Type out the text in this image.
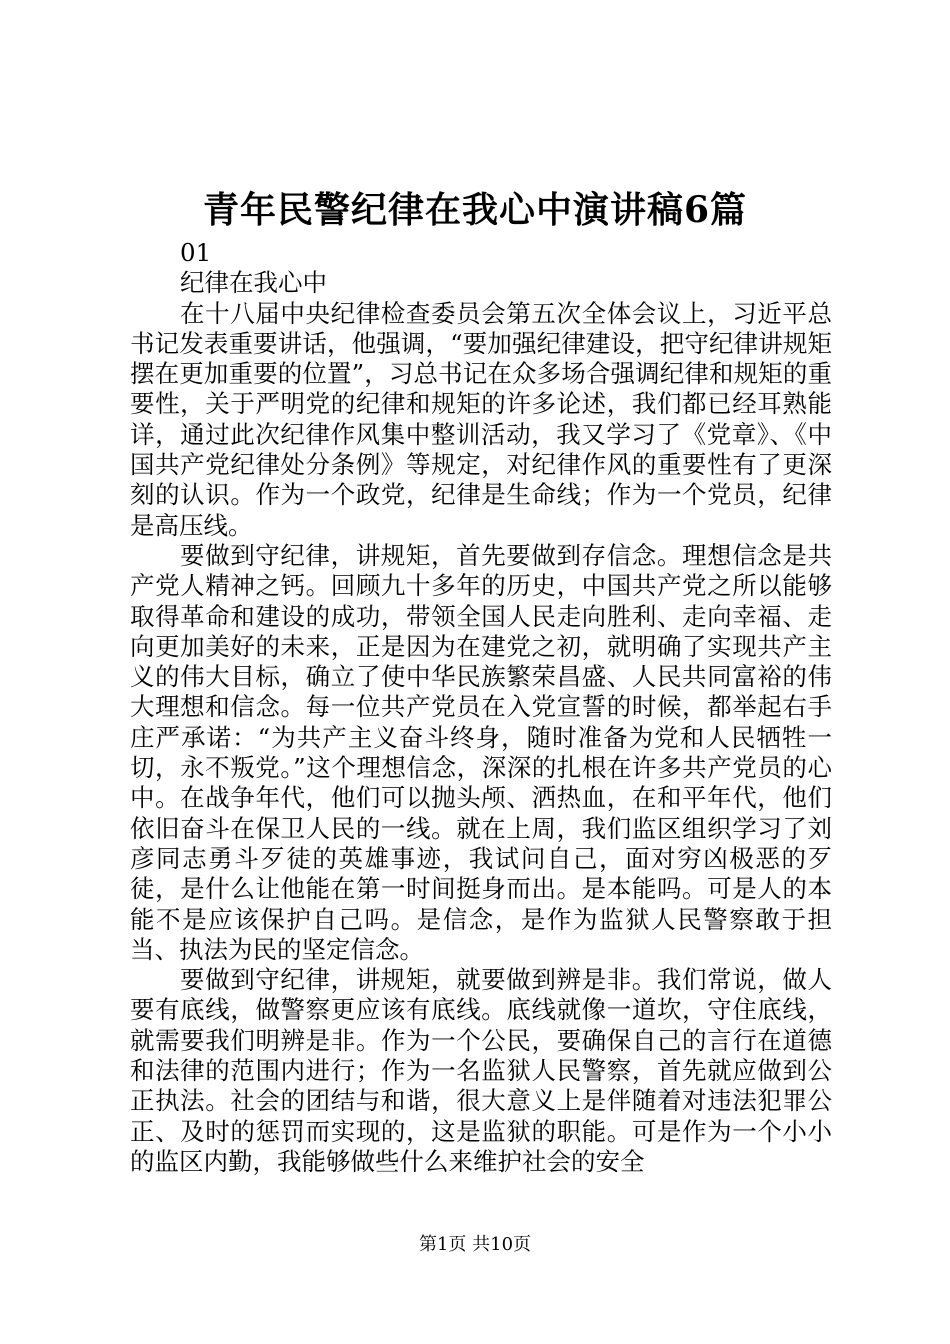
青年民警纪律在我心中演讲稿6篇

01

纪律在我心中

在十八届中央纪律检查委员会第五次全体会议上，习近平总书记发表重要讲话，他强调，“要加强纪律建设，把守纪律讲规矩摆在更加重要的位置”，习总书记在众多场合强调纪律和规矩的重要性，关于严明党的纪律和规矩的许多论述，我们都已经耳熟能详，通过此次纪律作风集中整训活动，我又学习了《党章》、《中国共产党纪律处分条例》等规定，对纪律作风的重要性有了更深刻的认识。作为一个政党，纪律是生命线；作为一个党员，纪律是高压线。

要做到守纪律，讲规矩，首先要做到存信念。理想信念是共产党人精神之钙。回顾九十多年的历史，中国共产党之所以能够取得革命和建设的成功，带领全国人民走向胜利、走向幸福、走向更加美好的未来，正是因为在建党之初，就明确了实现共产主义的伟大目标，确立了使中华民族繁荣昌盛、人民共同富裕的伟大理想和信念。每一位共产党员在入党宣誓的时候，都举起右手庄严承诺：“为共产主义奋斗终身，随时准备为党和人民牺牲一切，永不叛党。”这个理想信念，深深的扎根在许多共产党员的心中。在战争年代，他们可以抛头颅、洒热血，在和平年代，他们依旧奋斗在保卫人民的一线。就在上周，我们监区组织学习了刘彦同志勇斗歹徒的英雄事迹，我试问自己，面对穷凶极恶的歹徒，是什么让他能在第一时间挺身而出。是本能吗。可是人的本能不是应该保护自己吗。是信念，是作为监狱人民警察敢于担当、执法为民的坚定信念。

要做到守纪律，讲规矩，就要做到辨是非。我们常说，做人要有底线，做警察更应该有底线。底线就像一道坎，守住底线，就需要我们明辨是非。作为一个公民，要确保自己的言行在道德和法律的范围内进行；作为一名监狱人民警察，首先就应做到公正执法。社会的团结与和谐，很大意义上是伴随着对违法犯罪公正、及时的惩罚而实现的，这是监狱的职能。可是作为一个小小的监区内勤，我能够做些什么来维护社会的安全

第1页 共10页
